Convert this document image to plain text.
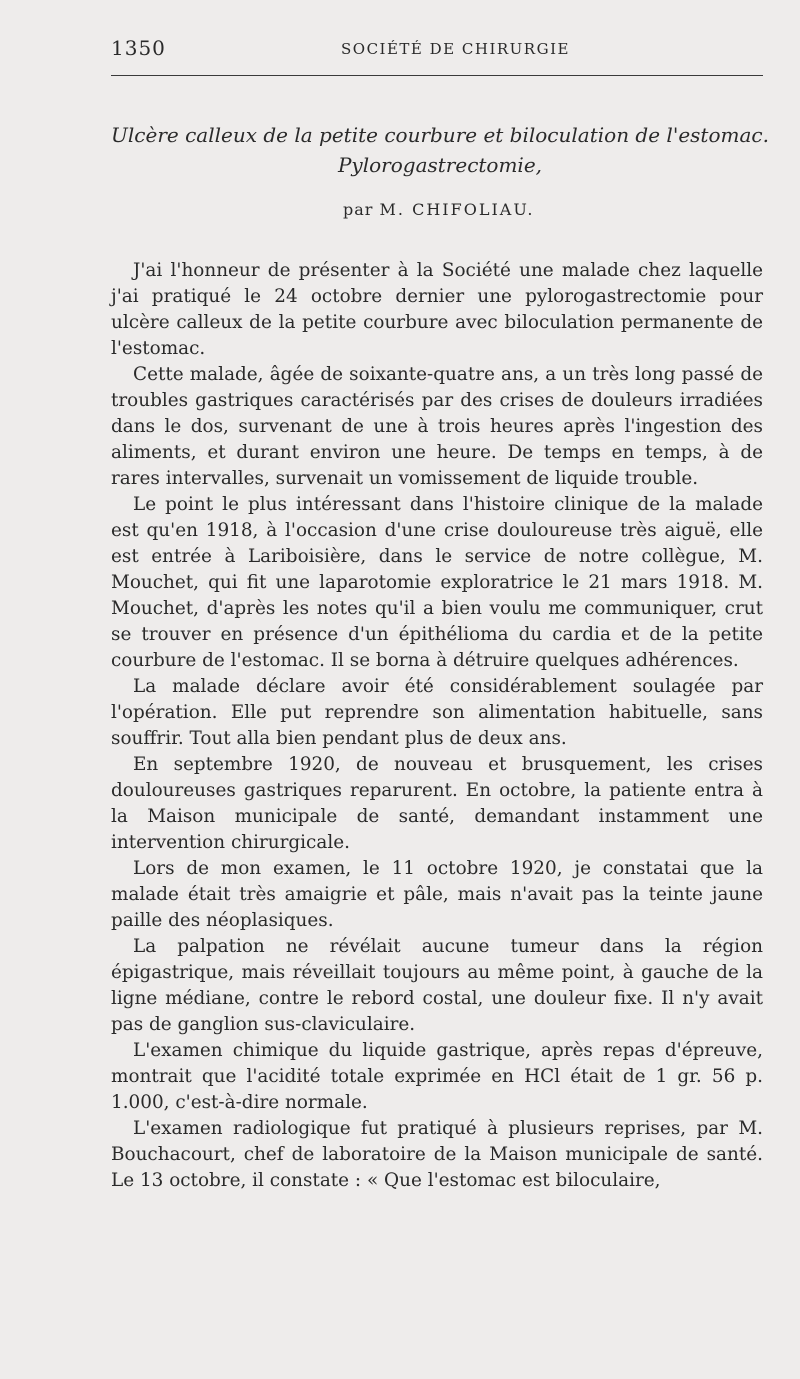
1350	SOCIÉTÉ DE CHIRURGIE
Ulcère calleux de la petite courbure et biloculation de l'estomac.
Pylorogastrectomie,
par M. CHIFOLIAU.

J'ai l'honneur de présenter à la Société une malade chez laquelle j'ai pratiqué le 24 octobre dernier une pylorogastrectomie pour ulcère calleux de la petite courbure avec biloculation permanente de l'estomac.

Cette malade, âgée de soixante-quatre ans, a un très long passé de troubles gastriques caractérisés par des crises de douleurs irradiées dans le dos, survenant de une à trois heures après l'ingestion des aliments, et durant environ une heure. De temps en temps, à de rares intervalles, survenait un vomissement de liquide trouble.

Le point le plus intéressant dans l'histoire clinique de la malade est qu'en 1918, à l'occasion d'une crise douloureuse très aiguë, elle est entrée à Lariboisière, dans le service de notre collègue, M. Mouchet, qui fit une laparotomie exploratrice le 21 mars 1918. M. Mouchet, d'après les notes qu'il a bien voulu me communiquer, crut se trouver en présence d'un épithélioma du cardia et de la petite courbure de l'estomac. Il se borna à détruire quelques adhérences.

La malade déclare avoir été considérablement soulagée par l'opération. Elle put reprendre son alimentation habituelle, sans souffrir. Tout alla bien pendant plus de deux ans.

En septembre 1920, de nouveau et brusquement, les crises douloureuses gastriques reparurent. En octobre, la patiente entra à la Maison municipale de santé, demandant instamment une intervention chirurgicale.

Lors de mon examen, le 11 octobre 1920, je constatai que la malade était très amaigrie et pâle, mais n'avait pas la teinte jaune paille des néoplasiques.

La palpation ne révélait aucune tumeur dans la région épigastrique, mais réveillait toujours au même point, à gauche de la ligne médiane, contre le rebord costal, une douleur fixe. Il n'y avait pas de ganglion sus-claviculaire.

L'examen chimique du liquide gastrique, après repas d'épreuve, montrait que l'acidité totale exprimée en HCl était de 1 gr. 56 p. 1.000, c'est-à-dire normale.

L'examen radiologique fut pratiqué à plusieurs reprises, par M. Bouchacourt, chef de laboratoire de la Maison municipale de santé. Le 13 octobre, il constate : « Que l'estomac est biloculaire,
